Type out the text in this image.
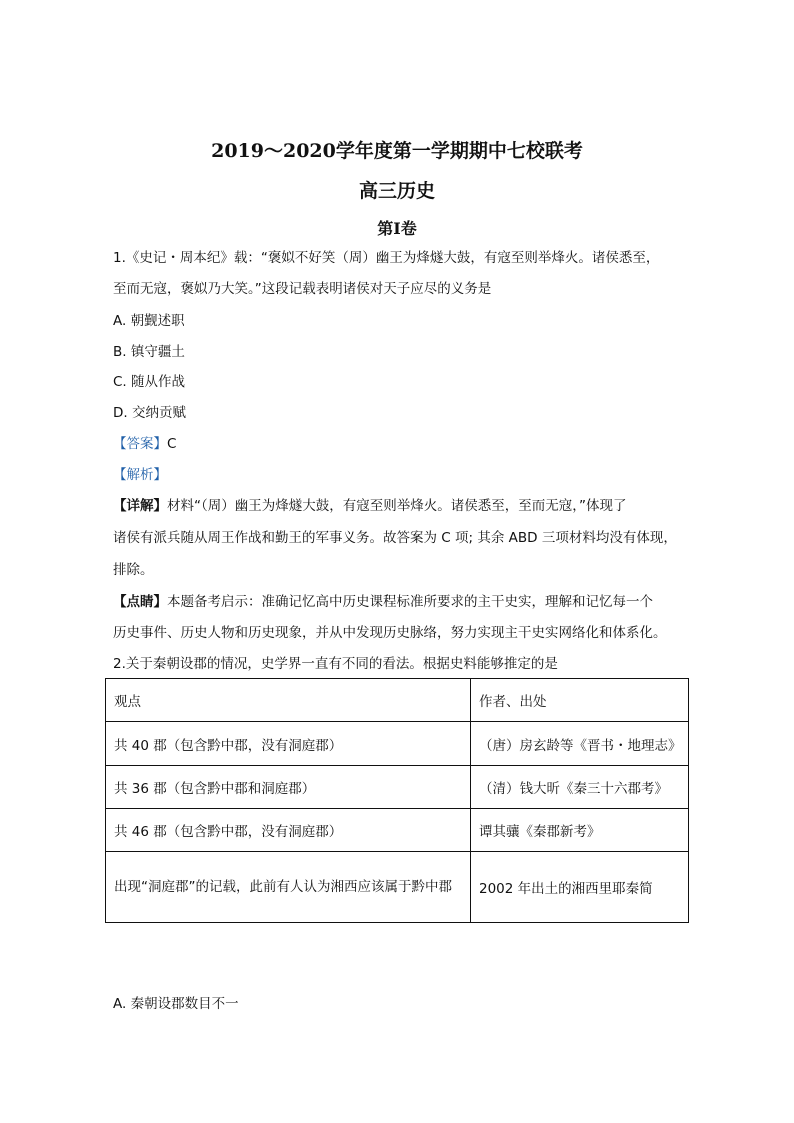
2019～2020学年度第一学期期中七校联考
高三历史
第Ⅰ卷
1.《史记・周本纪》载：“褒姒不好笑（周）幽王为烽燧大鼓，有寇至则举烽火。诸侯悉至，
至而无寇，褒姒乃大笑。”这段记载表明诸侯对天子应尽的义务是
A. 朝觐述职
B. 镇守疆土
C. 随从作战
D. 交纳贡赋
【答案】C
【解析】
【详解】材料“（周）幽王为烽燧大鼓，有寇至则举烽火。诸侯悉至，至而无寇，”体现了
诸侯有派兵随从周王作战和勤王的军事义务。故答案为 C 项; 其余 ABD 三项材料均没有体现，
排除。
【点睛】本题备考启示：准确记忆高中历史课程标准所要求的主干史实，理解和记忆每一个
历史事件、历史人物和历史现象，并从中发现历史脉络，努力实现主干史实网络化和体系化。
2.关于秦朝设郡的情况，史学界一直有不同的看法。根据史料能够推定的是
观点	作者、出处
共 40 郡（包含黔中郡，没有洞庭郡）	（唐）房玄龄等《晋书・地理志》
共 36 郡（包含黔中郡和洞庭郡）	（清）钱大昕《秦三十六郡考》
共 46 郡（包含黔中郡，没有洞庭郡）	谭其骧《秦郡新考》
出现“洞庭郡”的记载，此前有人认为湘西应该属于黔中郡	2002 年出土的湘西里耶秦简
A. 秦朝设郡数目不一
